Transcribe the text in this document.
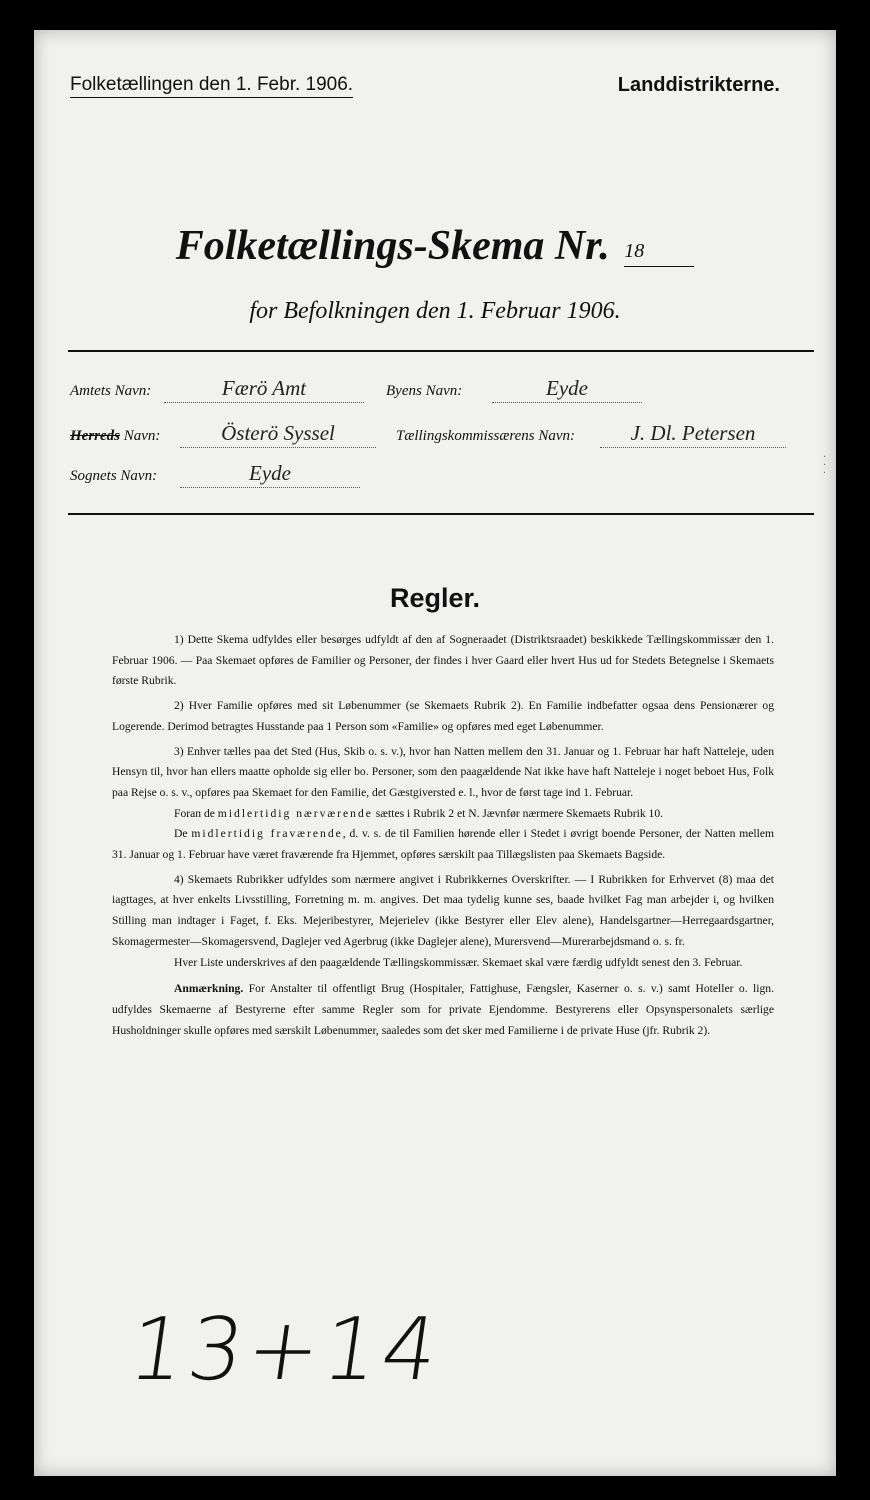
Folketællingen den 1. Febr. 1906.	Landdistrikterne.
Folketællings-Skema Nr. 18
for Befolkningen den 1. Februar 1906.
Amtets Navn:	Færö Amt	Byens Navn:	Eyde
Herreds Navn:	Österö Syssel	Tællingskommissærens Navn:	J. Dl. Petersen
Sognets Navn:	Eyde
·
·
·
Regler.

1) Dette Skema udfyldes eller besørges udfyldt af den af Sogneraadet (Distriktsraadet) beskikkede Tællingskommissær den 1. Februar 1906. — Paa Skemaet opføres de Familier og Personer, der findes i hver Gaard eller hvert Hus ud for Stedets Betegnelse i Skemaets første Rubrik.

2) Hver Familie opføres med sit Løbenummer (se Skemaets Rubrik 2). En Familie indbefatter ogsaa dens Pensionærer og Logerende. Derimod betragtes Husstande paa 1 Person som «Familie» og opføres med eget Løbenummer.

3) Enhver tælles paa det Sted (Hus, Skib o. s. v.), hvor han Natten mellem den 31. Januar og 1. Februar har haft Natteleje, uden Hensyn til, hvor han ellers maatte opholde sig eller bo. Personer, som den paagældende Nat ikke have haft Natteleje i noget beboet Hus, Folk paa Rejse o. s. v., opføres paa Skemaet for den Familie, det Gæstgiversted e. l., hvor de først tage ind 1. Februar.

Foran de midlertidig nærværende sættes i Rubrik 2 et N. Jævnfør nærmere Skemaets Rubrik 10.

De midlertidig fraværende, d. v. s. de til Familien hørende eller i Stedet i øvrigt boende Personer, der Natten mellem 31. Januar og 1. Februar have været fraværende fra Hjemmet, opføres særskilt paa Tillægslisten paa Skemaets Bagside.

4) Skemaets Rubrikker udfyldes som nærmere angivet i Rubrikkernes Overskrifter. — I Rubrikken for Erhvervet (8) maa det iagttages, at hver enkelts Livsstilling, Forretning m. m. angives. Det maa tydelig kunne ses, baade hvilket Fag man arbejder i, og hvilken Stilling man indtager i Faget, f. Eks. Mejeribestyrer, Mejerielev (ikke Bestyrer eller Elev alene), Handelsgartner—Herregaardsgartner, Skomagermester—Skomagersvend, Daglejer ved Agerbrug (ikke Daglejer alene), Murersvend—Murerarbejdsmand o. s. fr.

Hver Liste underskrives af den paagældende Tællingskommissær. Skemaet skal være færdig udfyldt senest den 3. Februar.

Anmærkning. For Anstalter til offentligt Brug (Hospitaler, Fattighuse, Fængsler, Kaserner o. s. v.) samt Hoteller o. lign. udfyldes Skemaerne af Bestyrerne efter samme Regler som for private Ejendomme. Bestyrerens eller Opsynspersonalets særlige Husholdninger skulle opføres med særskilt Løbenummer, saaledes som det sker med Familierne i de private Huse (jfr. Rubrik 2).

13+14
